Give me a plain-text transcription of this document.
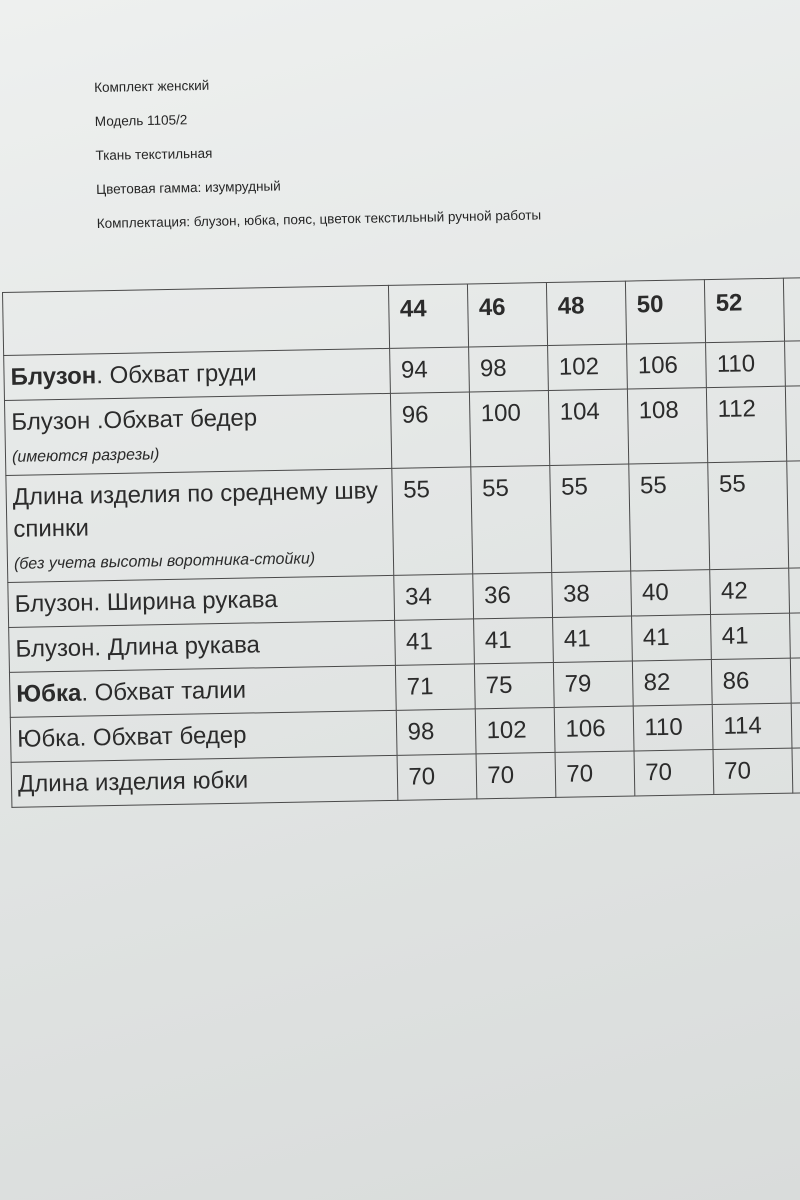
Комплект женский
Модель 1105/2
Ткань текстильная
Цветовая гамма: изумрудный
Комплектация: блузон, юбка, пояс, цветок текстильный ручной работы
	44	46	48	50	52	
Блузон. Обхват груди	94	98	102	106	110	
Блузон .Обхват бедер
(имеются разрезы)	96	100	104	108	112	
Длина изделия по среднему шву спинки
(без учета высоты воротника-стойки)	55	55	55	55	55	
Блузон. Ширина рукава	34	36	38	40	42	
Блузон. Длина рукава	41	41	41	41	41	
Юбка. Обхват талии	71	75	79	82	86	
Юбка. Обхват бедер	98	102	106	110	114	
Длина изделия юбки	70	70	70	70	70	
